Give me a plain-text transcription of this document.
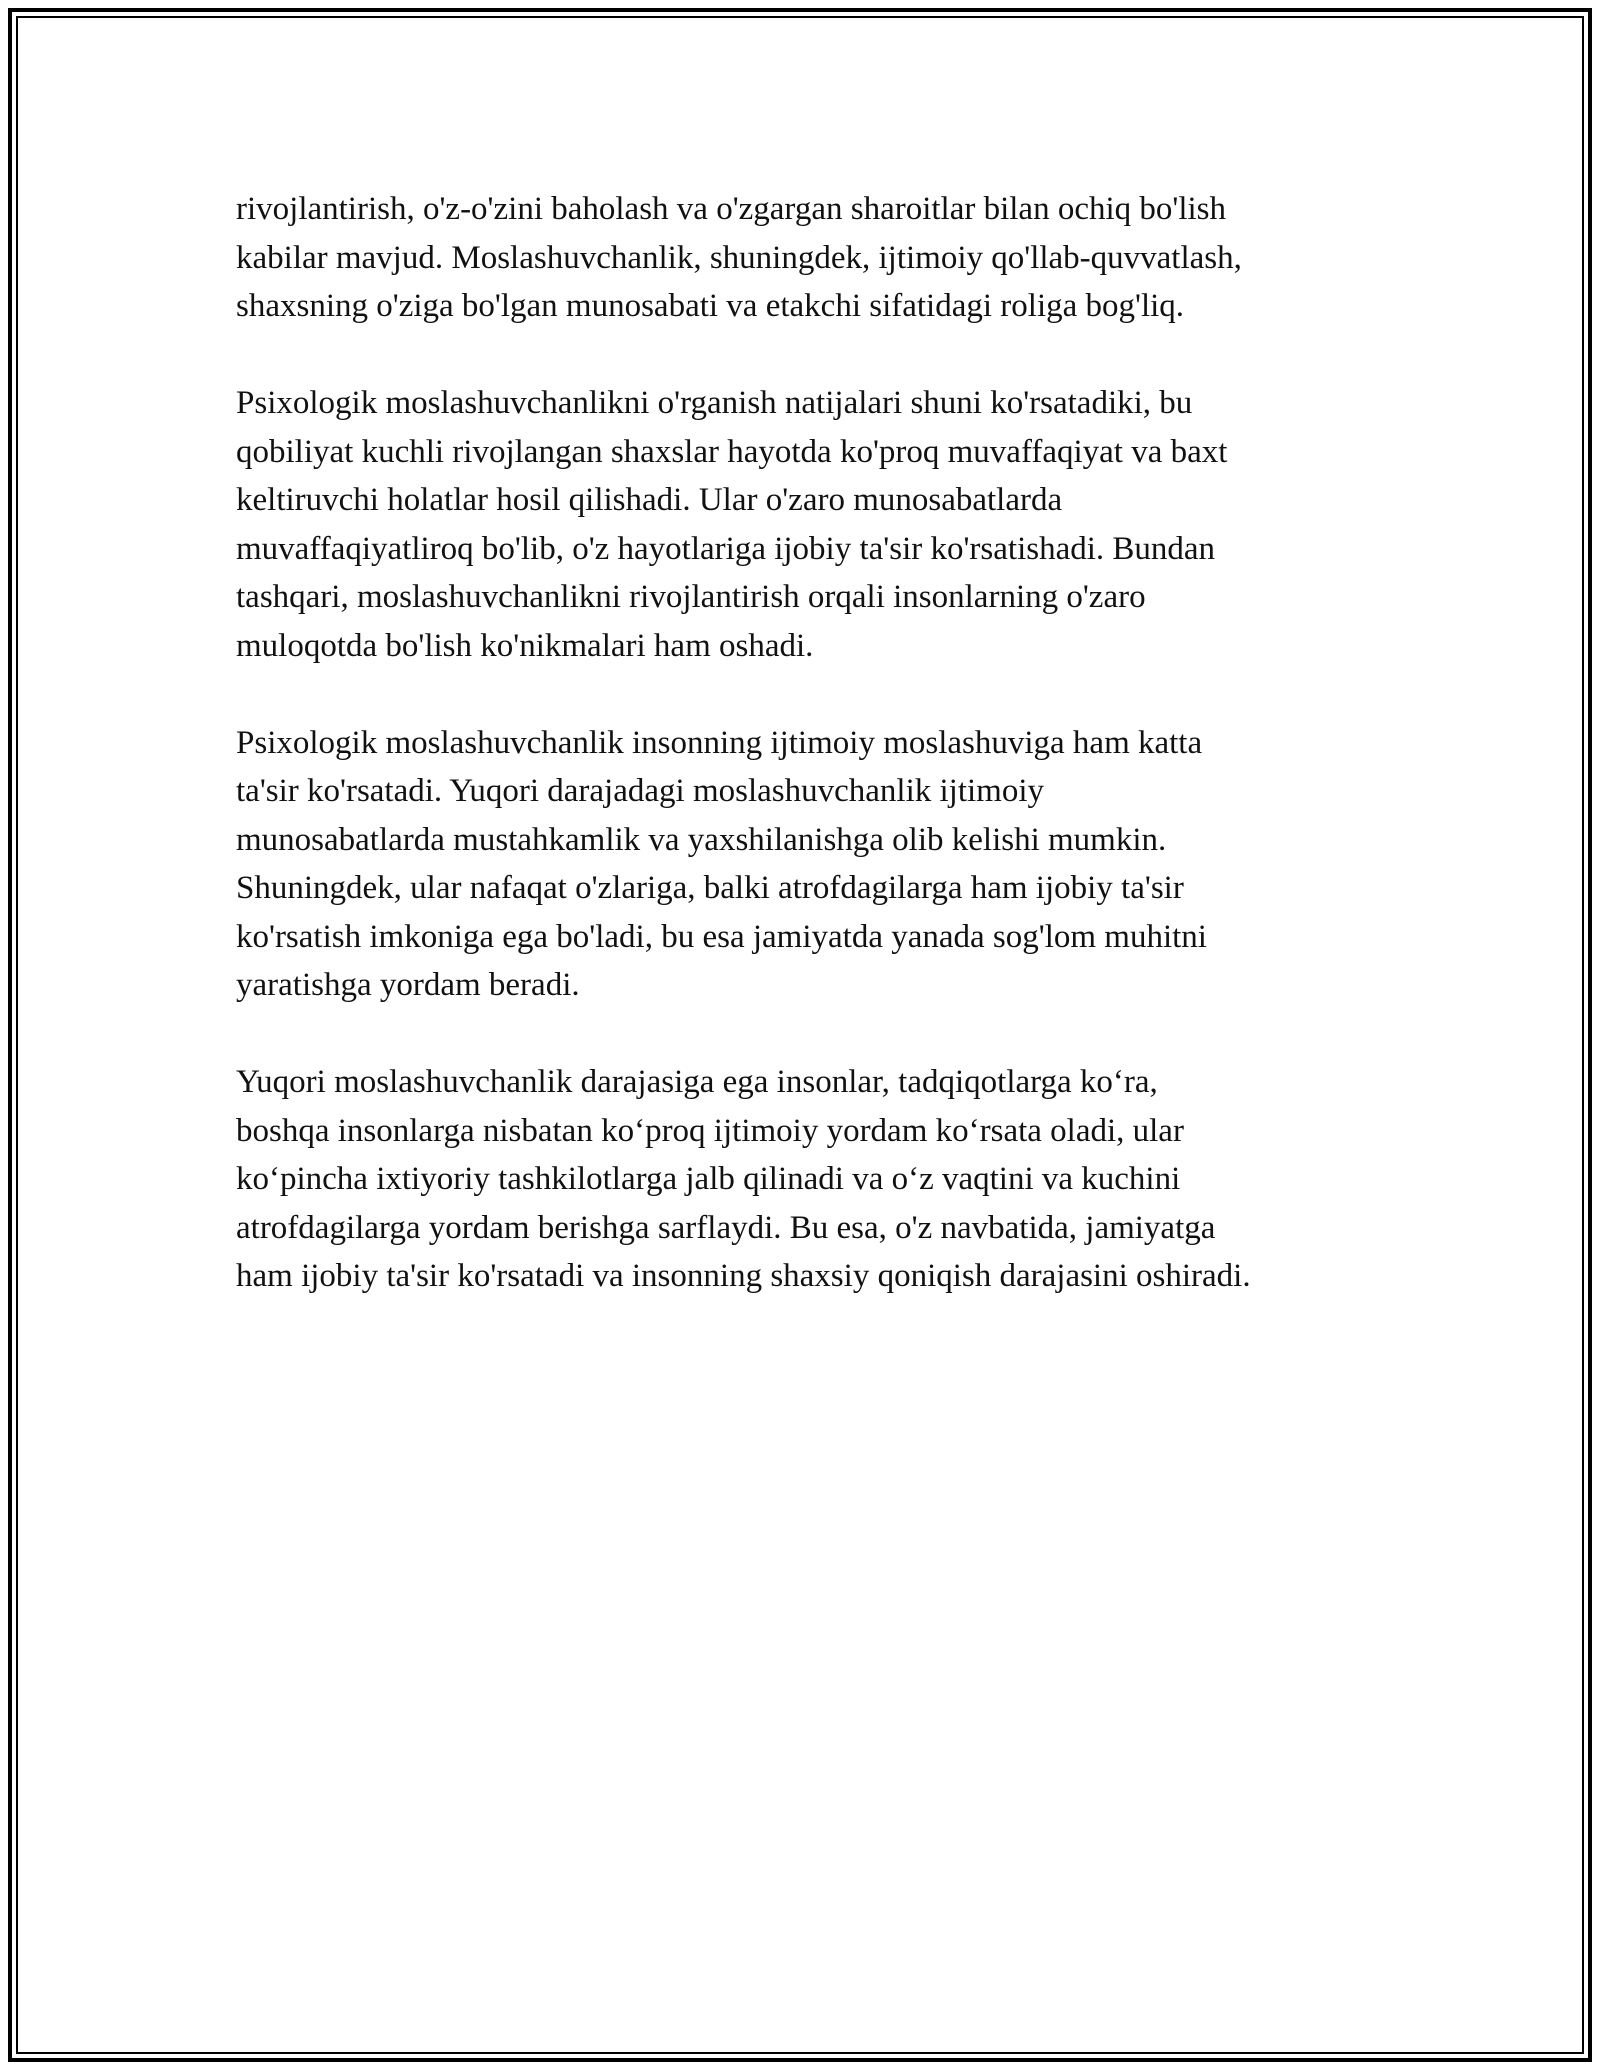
rivojlantirish, o'z-o'zini baholash va o'zgargan sharoitlar bilan ochiq bo'lish
kabilar mavjud. Moslashuvchanlik, shuningdek, ijtimoiy qo'llab-quvvatlash,
shaxsning o'ziga bo'lgan munosabati va etakchi sifatidagi roliga bog'liq.
Psixologik moslashuvchanlikni o'rganish natijalari shuni ko'rsatadiki, bu
qobiliyat kuchli rivojlangan shaxslar hayotda ko'proq muvaffaqiyat va baxt
keltiruvchi holatlar hosil qilishadi. Ular o'zaro munosabatlarda
muvaffaqiyatliroq bo'lib, o'z hayotlariga ijobiy ta'sir ko'rsatishadi. Bundan
tashqari, moslashuvchanlikni rivojlantirish orqali insonlarning o'zaro
muloqotda bo'lish ko'nikmalari ham oshadi.
Psixologik moslashuvchanlik insonning ijtimoiy moslashuviga ham katta
ta'sir ko'rsatadi. Yuqori darajadagi moslashuvchanlik ijtimoiy
munosabatlarda mustahkamlik va yaxshilanishga olib kelishi mumkin.
Shuningdek, ular nafaqat o'zlariga, balki atrofdagilarga ham ijobiy ta'sir
ko'rsatish imkoniga ega bo'ladi, bu esa jamiyatda yanada sog'lom muhitni
yaratishga yordam beradi.
Yuqori moslashuvchanlik darajasiga ega insonlar, tadqiqotlarga ko‘ra,
boshqa insonlarga nisbatan ko‘proq ijtimoiy yordam ko‘rsata oladi, ular
ko‘pincha ixtiyoriy tashkilotlarga jalb qilinadi va o‘z vaqtini va kuchini
atrofdagilarga yordam berishga sarflaydi. Bu esa, o'z navbatida, jamiyatga
ham ijobiy ta'sir ko'rsatadi va insonning shaxsiy qoniqish darajasini oshiradi.
